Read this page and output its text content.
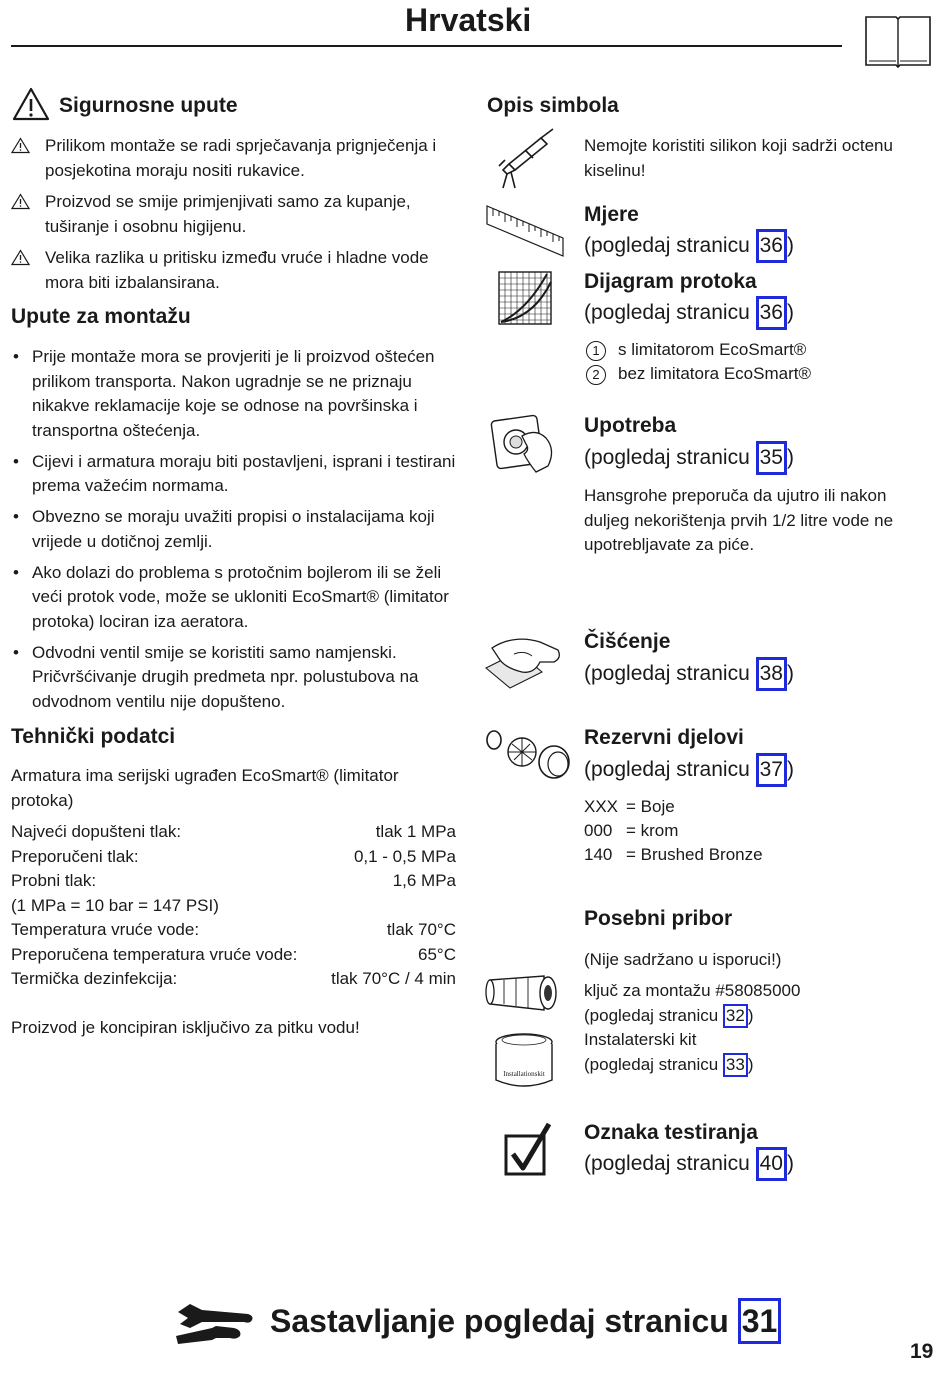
Hrvatski
Sigurnosne upute
Prilikom montaže se radi sprječavanja prignječenja i posjekotina moraju nositi rukavice.
Proizvod se smije primjenjivati samo za kupanje, tuširanje i osobnu higijenu.
Velika razlika u pritisku između vruće i hladne vode mora biti izbalansirana.
Upute za montažu
• Prije montaže mora se provjeriti je li proizvod oštećen prilikom transporta. Nakon ugradnje se ne priznaju nikakve reklamacije koje se odnose na površinska i transportna oštećenja.
• Cijevi i armatura moraju biti postavljeni, isprani i testirani prema važećim normama.
• Obvezno se moraju uvažiti propisi o instalacijama koji vrijede u dotičnoj zemlji.
• Ako dolazi do problema s protočnim bojlerom ili se želi veći protok vode, može se ukloniti EcoSmart® (limitator protoka) lociran iza aeratora.
• Odvodni ventil smije se koristiti samo namjenski. Pričvršćivanje drugih predmeta npr. polustubova na odvodnom ventilu nije dopušteno.
Tehnički podatci
Armatura ima serijski ugrađen EcoSmart® (limitator protoka)
Najveći dopušteni tlak:	tlak 1 MPa
Preporučeni tlak:	0,1 - 0,5 MPa
Probni tlak:	1,6 MPa
(1 MPa = 10 bar = 147 PSI)
Temperatura vruće vode:	tlak 70°C
Preporučena temperatura vruće vode:	65°C
Termička dezinfekcija:	tlak 70°C / 4 min
Proizvod je koncipiran isključivo za pitku vodu!
Opis simbola
Nemojte koristiti silikon koji sadrži octenu kiselinu!
Mjere
(pogledaj stranicu 36 )
Dijagram protoka
(pogledaj stranicu 36 )
1 s limitatorom EcoSmart®
2 bez limitatora EcoSmart®
Upotreba
(pogledaj stranicu 35 )
Hansgrohe preporuča da ujutro ili nakon duljeg nekorištenja prvih 1/2 litre vode ne upotrebljavate za piće.
Čišćenje
(pogledaj stranicu 38 )
Rezervni djelovi
(pogledaj stranicu 37 )
XXX = Boje
000 = krom
140 = Brushed Bronze
Posebni pribor
(Nije sadržano u isporuci!)
ključ za montažu #58085000
(pogledaj stranicu 32 )
Instalaterski kit
(pogledaj stranicu 33 )
Installationskit
Oznaka testiranja
(pogledaj stranicu 40 )
Sastavljanje pogledaj stranicu 31
19
